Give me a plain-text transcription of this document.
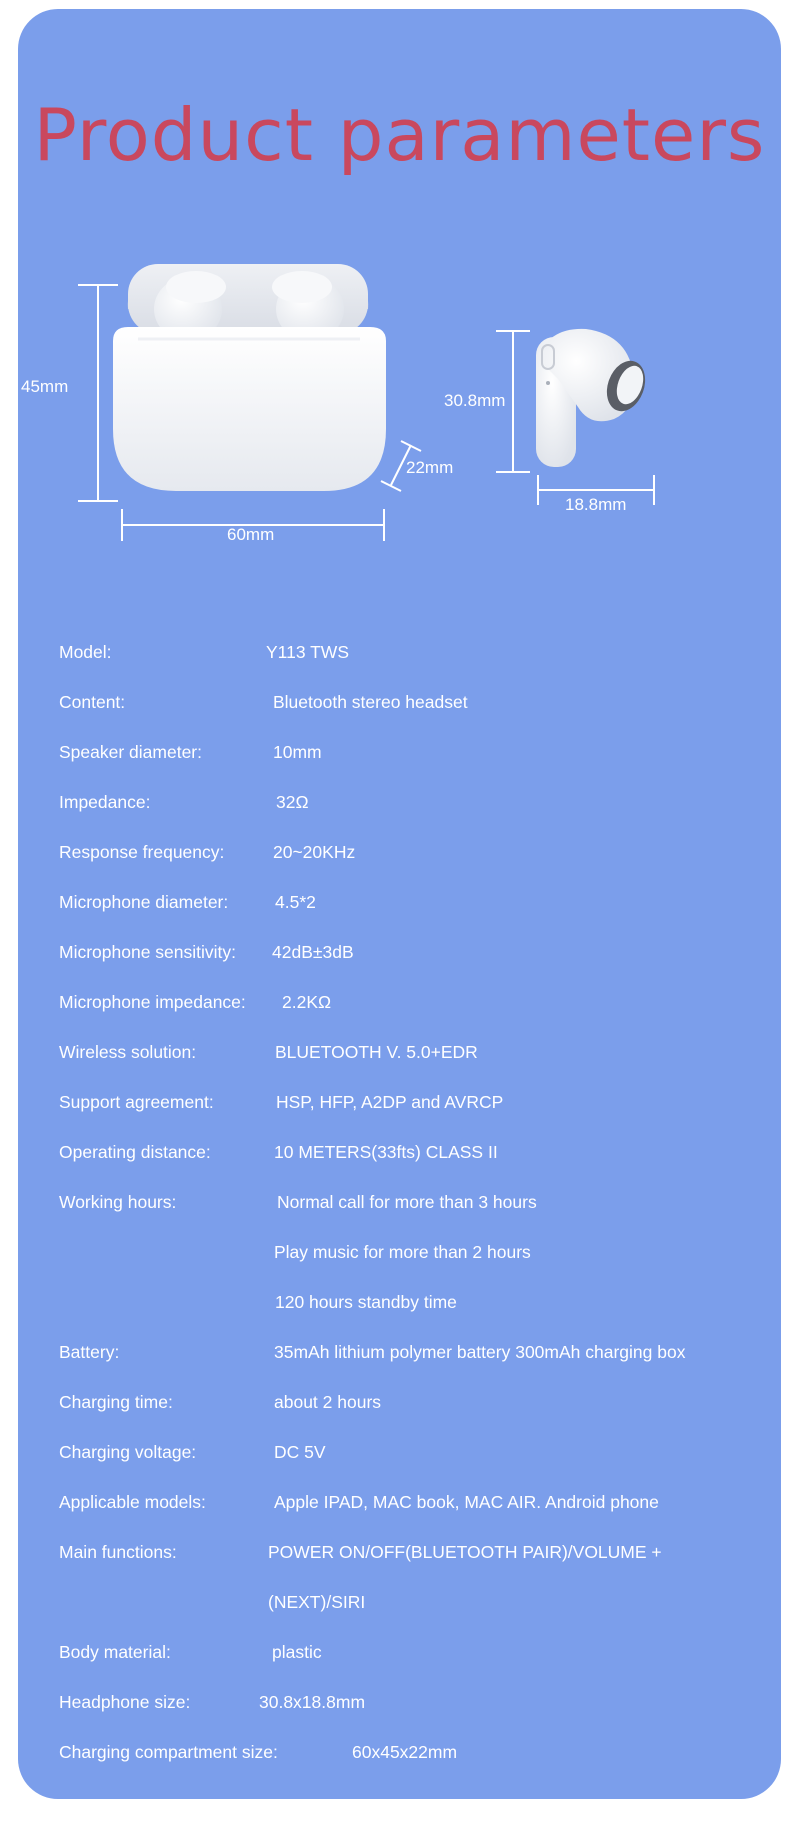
Product parameters
45mm
60mm
22mm
30.8mm
18.8mm
Model:	Y113 TWS
Content:	Bluetooth stereo headset
Speaker diameter:	10mm
Impedance:	32Ω
Response frequency:	20~20KHz
Microphone diameter:	4.5*2
Microphone sensitivity: 42dB±3dB
Microphone impedance: 2.2KΩ
Wireless solution:	BLUETOOTH V. 5.0+EDR
Support agreement:	HSP, HFP, A2DP and AVRCP
Operating distance:	10 METERS(33fts) CLASS II
Working hours:	Normal call for more than 3 hours
Play music for more than 2 hours
120 hours standby time
Battery:	35mAh lithium polymer battery 300mAh charging box
Charging time:	about 2 hours
Charging voltage:	DC 5V
Applicable models:	Apple IPAD, MAC book, MAC AIR. Android phone
Main functions:	POWER ON/OFF(BLUETOOTH PAIR)/VOLUME +
(NEXT)/SIRI
Body material:	plastic
Headphone size:	30.8x18.8mm
Charging compartment size:	60x45x22mm
